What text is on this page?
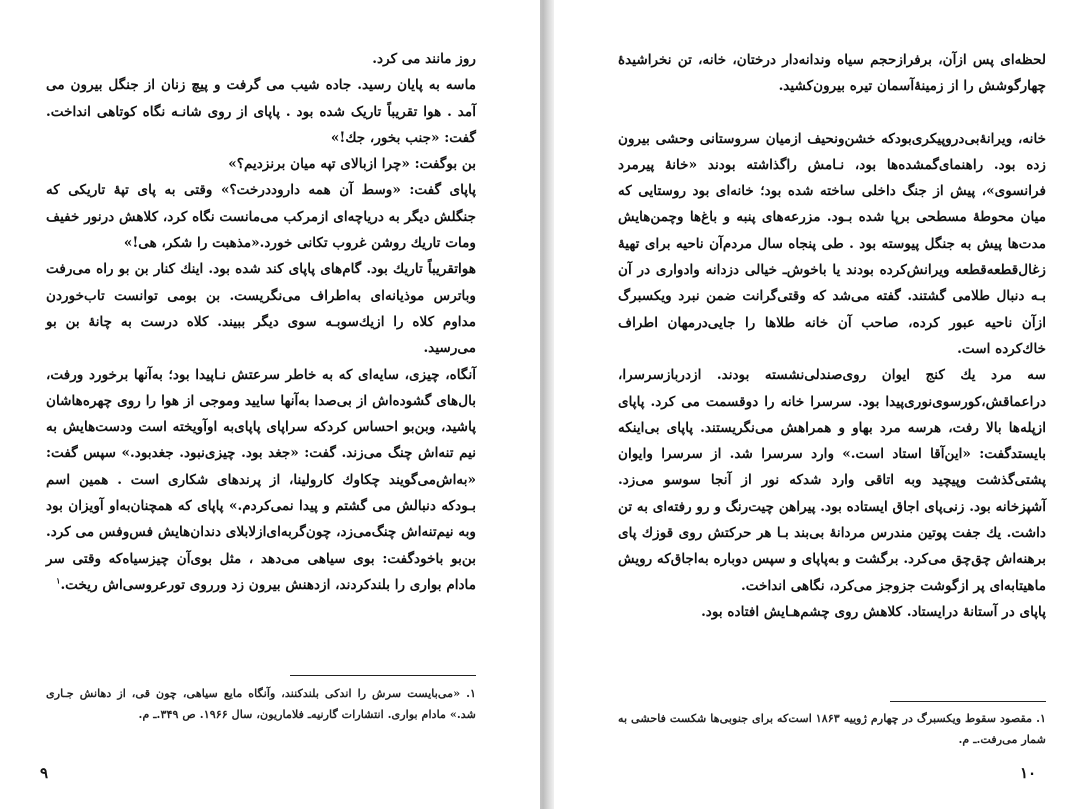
لحظه‌ای پس ازآن، برفرازحجم سیاه وندانه‌دار درختان، خانه، تن نخراشیدهٔ چهارگوشش را از زمینهٔ‌آسمان تیره بیرون‌کشید.

خانه، ویرانهٔ‌بی‌درو‌پیکری‌بود‌که خشن‌ونحیف ازمیان سروستانی وحشی بیرون زده بود. راهنمای‌گمشده‌ها بود، نـامش را‌گذاشته بودند «خانهٔ پیرمرد فرانسوی»، پیش از جنگ داخلی ساخته شده بود؛ خانه‌ای بود روستایی که میان محوطهٔ مسطحی برپا شده بـود. مزرعه‌های پنبه و باغ‌ها وچمن‌هایش مدت‌ها پیش به جنگل پیوسته بود . طی پنجاه سال مردم‌آن ناحیه برای تهیهٔ زغال‌قطعه‌قطعه ویرانش‌کرده بودند یا باخوش‌ـ خیالی دزدانه وادواری در آن بـه دنبال طلامی گشتند. گفته می‌شد که وقتی‌گرانت ضمن نبرد ویکسبرگ ازآن ناحیه عبور کرده، صاحب آن خانه طلاها را جایی‌درمهان اطراف خاك‌کرده است.

سه مرد یك کنج ایوان روی‌صندلی‌نشسته بودند. ازدرباز‌سرسرا، دراعماقش،کورسوی‌نوری‌پیدا بود. سرسرا خانه را دوقسمت می کرد. پاپای ازپله‌ها بالا رفت، هرسه مرد بهاو و همراهش می‌نگریستند. پاپای بی‌اینکه بایستدگفت: «این‌آقا استاد است.» وارد سرسرا شد. از سرسرا وایوان پشتی‌گذشت وپیچید وبه اتاقی وارد شدکه نور از آنجا سوسو می‌زد. آشپزخانه بود. زنی‌پای اجاق ایستاده بود. پیراهن چیت‌رنگ و رو رفته‌ای به تن داشت. یك جفت پوتین مندرس مردانهٔ بی‌بند بـا هر حرکتش روی قوزك پای برهنه‌اش چق‌چق می‌کرد. برگشت و به‌پاپای و سپس دوباره به‌اجاق‌که رویش ماهیتابه‌ای پر از‌گوشت جزوجز می‌کرد، نگاهی انداخت.

پاپای در آستانهٔ درایستاد. کلاهش روی چشم‌هـایش افتاده بود.

۱. مقصود سقوط ویکسبرگ در چهارم ژوییه ۱۸۶۳ است‌که برای جنوبی‌ها شکست فاحشی به شمار می‌رفت.ـ م.
۱۰

روز مانند می کرد.

ماسه به پایان رسید. جاده شیب می گرفت و پیچ زنان از جنگل بیرون می آمد . هوا تقریباً تاریک شده بود . پاپای از روی شانـه نگاه کوتاهی انداخت. گفت: «جنب بخور، جك!»

بن بوگفت: «چرا ازبالای تپه میان برنزدیم؟»

پاپای گفت: «وسط آن همه داروددرخت؟» وقتی به پای تپهٔ تاریکی که جنگلش دیگر به دریاچه‌ای ازمرکب می‌مانست نگاه کرد، کلاهش درنور خفیف ومات تاریك روشن غروب تکانی خورد.«مذهبت را شکر، هی!»

هواتقریباً تاریك بود. گام‌های پاپای کند شده بود. اینك کنار بن بو راه می‌رفت وباترس موذیانه‌ای به‌اطراف می‌نگریست. بن بومی توانست تاب‌خوردن مداوم کلاه را ازیك‌سوبـه سوی دیگر ببیند. کلاه درست به چانهٔ بن بو می‌رسید.

آنگاه، چیزی، سایه‌ای که به خاطر سرعتش نـاپیدا بود؛ به‌آنها برخورد ورفت، بال‌های گشوده‌اش از بی‌صدا به‌آنها سایید وموجی از هوا را روی چهره‌هاشان پاشید، وبن‌بو احساس کردکه سراپای پاپای‌به اوآویخته است ودست‌هایش به نیم تنه‌اش چنگ می‌زند. گفت: «جغد بود. چیزی‌نبود. جغدبود.» سپس گفت: «به‌اش‌می‌گویند چکاوك کارولینا، از پرندهای شکاری است . همین اسم بـودکه دنبالش می گشتم و پیدا نمی‌کردم.» پاپای که همچنان‌به‌او آویزان بود وبه نیم‌تنه‌اش چنگ‌می‌زد، چون‌گربه‌ای‌ازلابلای دندان‌هایش فس‌وفس می کرد. بن‌بو باخودگفت: بوی سیاهی می‌دهد ، مثل بوی‌آن چیزسیاه‌که وقتی سر مادام بواری را بلندکردند، ازدهنش بیرون زد ورروی تورعروسی‌اش ریخت.$^۱$

۱. «می‌بایست سرش را اندکی بلندکنند، وآنگاه مایع سیاهی، چون قی، از دهانش جـاری شد.» مادام بواری. انتشارات گارنیه‌ـ فلاماریون، سال ۱۹۶۶. ص ۳۴۹.ـ م.
۹
